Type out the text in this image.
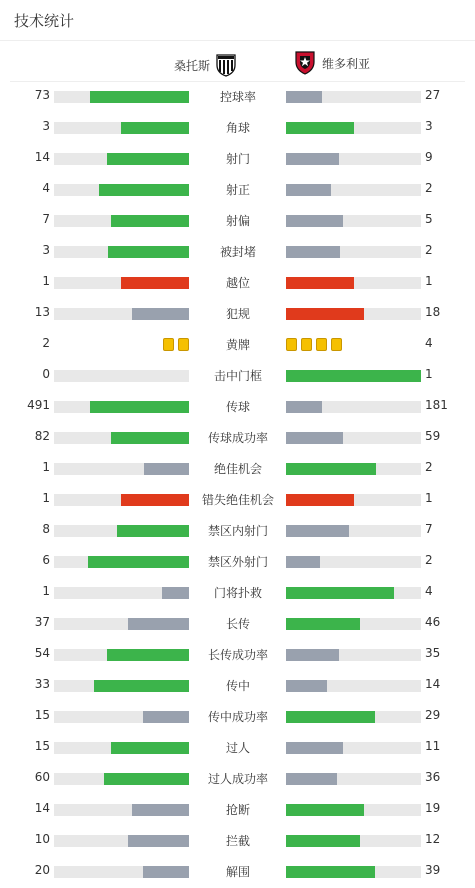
技术统计
桑托斯	维多利亚
73	控球率	27
3	角球	3
14	射门	9
4	射正	2
7	射偏	5
3	被封堵	2
1	越位	1
13	犯规	18
2	黄牌	4
0	击中门框	1
491	传球	181
82	传球成功率	59
1	绝佳机会	2
1	错失绝佳机会	1
8	禁区内射门	7
6	禁区外射门	2
1	门将扑救	4
37	长传	46
54	长传成功率	35
33	传中	14
15	传中成功率	29
15	过人	11
60	过人成功率	36
14	抢断	19
10	拦截	12
20	解围	39
